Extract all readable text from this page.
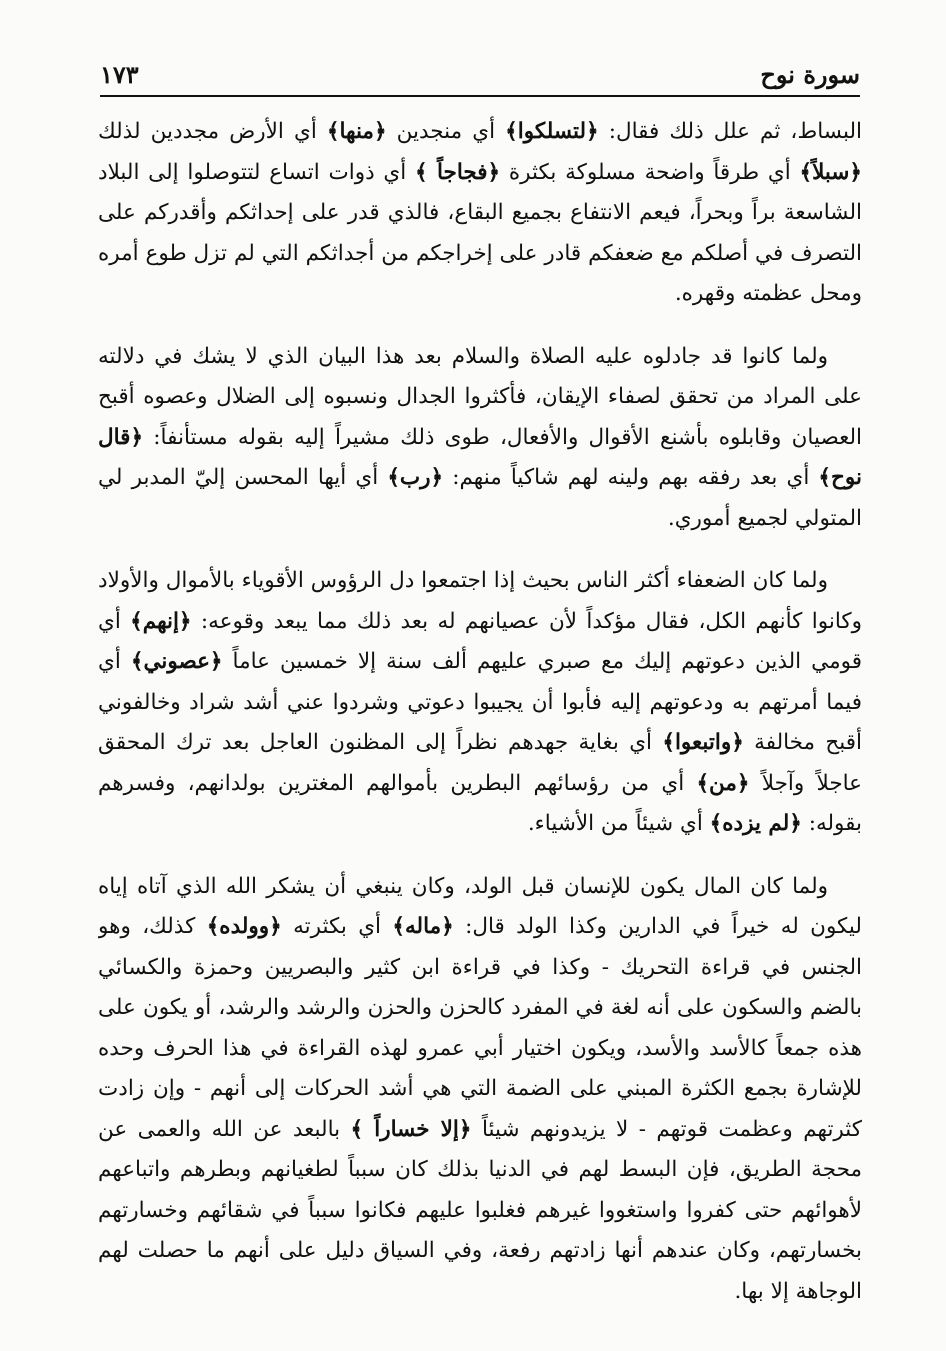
سورة نوح
١٧٣

البساط، ثم علل ذلك فقال: ﴿لتسلكوا﴾ أي منجدين ﴿منها﴾ أي الأرض مجددين لذلك ﴿سبلاً﴾ أي طرقاً واضحة مسلوكة بكثرة ﴿فجاجاً ﴾ أي ذوات اتساع لتتوصلوا إلى البلاد الشاسعة براً وبحراً، فيعم الانتفاع بجميع البقاع، فالذي قدر على إحداثكم وأقدركم على التصرف في أصلكم مع ضعفكم قادر على إخراجكم من أجداثكم التي لم تزل طوع أمره ومحل عظمته وقهره.

ولما كانوا قد جادلوه عليه الصلاة والسلام بعد هذا البيان الذي لا يشك في دلالته على المراد من تحقق لصفاء الإيقان، فأكثروا الجدال ونسبوه إلى الضلال وعصوه أقبح العصيان وقابلوه بأشنع الأقوال والأفعال، طوى ذلك مشيراً إليه بقوله مستأنفاً: ﴿قال نوح﴾ أي بعد رفقه بهم ولينه لهم شاكياً منهم: ﴿رب﴾ أي أيها المحسن إليّ المدبر لي المتولي لجميع أموري.

ولما كان الضعفاء أكثر الناس بحيث إذا اجتمعوا دل الرؤوس الأقوياء بالأموال والأولاد وكانوا كأنهم الكل، فقال مؤكداً لأن عصيانهم له بعد ذلك مما يبعد وقوعه: ﴿إنهم﴾ أي قومي الذين دعوتهم إليك مع صبري عليهم ألف سنة إلا خمسين عاماً ﴿عصوني﴾ أي فيما أمرتهم به ودعوتهم إليه فأبوا أن يجيبوا دعوتي وشردوا عني أشد شراد وخالفوني أقبح مخالفة ﴿واتبعوا﴾ أي بغاية جهدهم نظراً إلى المظنون العاجل بعد ترك المحقق عاجلاً وآجلاً ﴿من﴾ أي من رؤسائهم البطرين بأموالهم المغترين بولدانهم، وفسرهم بقوله: ﴿لم يزده﴾ أي شيئاً من الأشياء.

ولما كان المال يكون للإنسان قبل الولد، وكان ينبغي أن يشكر الله الذي آتاه إياه ليكون له خيراً في الدارين وكذا الولد قال: ﴿ماله﴾ أي بكثرته ﴿وولده﴾ كذلك، وهو الجنس في قراءة التحريك - وكذا في قراءة ابن كثير والبصريين وحمزة والكسائي بالضم والسكون على أنه لغة في المفرد كالحزن والحزن والرشد والرشد، أو يكون على هذه جمعاً كالأسد والأسد، ويكون اختيار أبي عمرو لهذه القراءة في هذا الحرف وحده للإشارة بجمع الكثرة المبني على الضمة التي هي أشد الحركات إلى أنهم - وإن زادت كثرتهم وعظمت قوتهم - لا يزيدونهم شيئاً ﴿إلا خساراً ﴾ بالبعد عن الله والعمى عن محجة الطريق، فإن البسط لهم في الدنيا بذلك كان سبباً لطغيانهم وبطرهم واتباعهم لأهوائهم حتى كفروا واستغووا غيرهم فغلبوا عليهم فكانوا سبباً في شقائهم وخسارتهم بخسارتهم، وكان عندهم أنها زادتهم رفعة، وفي السياق دليل على أنهم ما حصلت لهم الوجاهة إلا بها.
